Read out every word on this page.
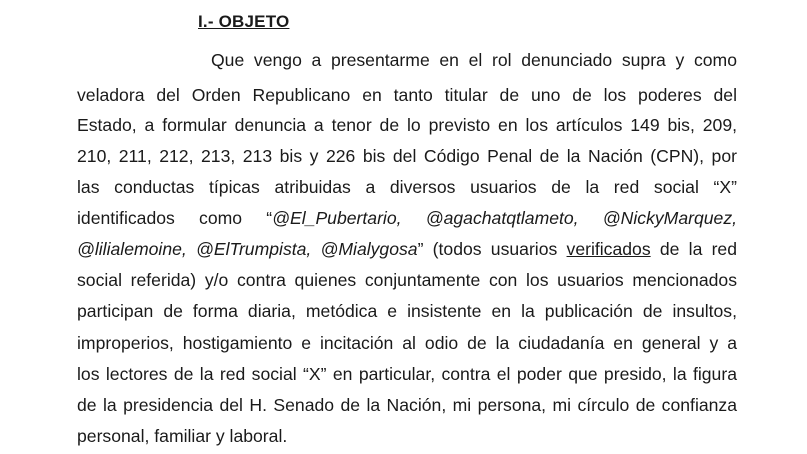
I.- OBJETO
Que vengo a presentarme en el rol denunciado supra y como
veladora del Orden Republicano en tanto titular de uno de los poderes del
Estado, a formular denuncia a tenor de lo previsto en los artículos 149 bis, 209,
210, 211, 212, 213, 213 bis y 226 bis del Código Penal de la Nación (CPN), por
las conductas típicas atribuidas a diversos usuarios de la red social “X”
identificados como “@El_Pubertario, @agachatqtlameto, @NickyMarquez,
@lilialemoine, @ElTrumpista, @Mialygosa” (todos usuarios verificados de la red
social referida) y/o contra quienes conjuntamente con los usuarios mencionados
participan de forma diaria, metódica e insistente en la publicación de insultos,
improperios, hostigamiento e incitación al odio de la ciudadanía en general y a
los lectores de la red social “X” en particular, contra el poder que presido, la figura
de la presidencia del H. Senado de la Nación, mi persona, mi círculo de confianza
personal, familiar y laboral.
